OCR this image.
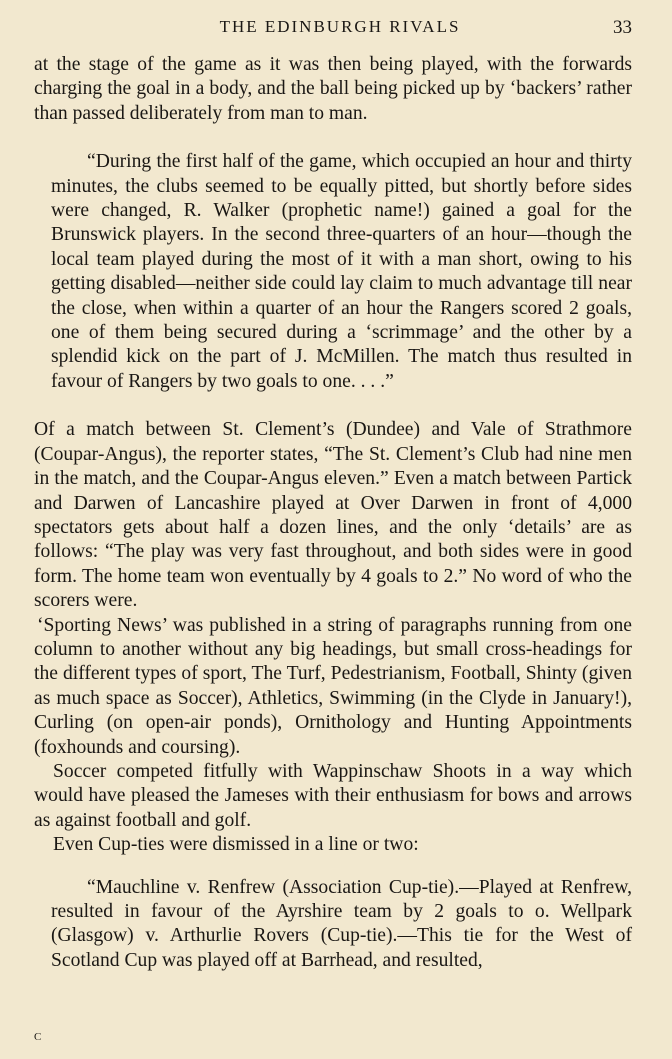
THE EDINBURGH RIVALS	33

at the stage of the game as it was then being played, with the forwards charging the goal in a body, and the ball being picked up by ‘backers’ rather than passed deliberately from man to man.

“During the first half of the game, which occupied an hour and thirty minutes, the clubs seemed to be equally pitted, but shortly before sides were changed, R. Walker (prophetic name!) gained a goal for the Brunswick players. In the second three-quarters of an hour—though the local team played during the most of it with a man short, owing to his getting disabled—neither side could lay claim to much advantage till near the close, when within a quarter of an hour the Rangers scored 2 goals, one of them being secured during a ‘scrimmage’ and the other by a splendid kick on the part of J. McMillen. The match thus resulted in favour of Rangers by two goals to one. . . .”

Of a match between St. Clement’s (Dundee) and Vale of Strathmore (Coupar-Angus), the reporter states, “The St. Clement’s Club had nine men in the match, and the Coupar-Angus eleven.” Even a match between Partick and Darwen of Lancashire played at Over Darwen in front of 4,000 spectators gets about half a dozen lines, and the only ‘details’ are as follows: “The play was very fast throughout, and both sides were in good form. The home team won eventually by 4 goals to 2.” No word of who the scorers were.

‘Sporting News’ was published in a string of paragraphs running from one column to another without any big headings, but small cross-headings for the different types of sport, The Turf, Pedestrianism, Football, Shinty (given as much space as Soccer), Athletics, Swimming (in the Clyde in January!), Curling (on open-air ponds), Ornithology and Hunting Appointments (foxhounds and coursing).

Soccer competed fitfully with Wappinschaw Shoots in a way which would have pleased the Jameses with their enthusiasm for bows and arrows as against football and golf.

Even Cup-ties were dismissed in a line or two:

“Mauchline v. Renfrew (Association Cup-tie).—Played at Renfrew, resulted in favour of the Ayrshire team by 2 goals to o. Wellpark (Glasgow) v. Arthurlie Rovers (Cup-tie).—This tie for the West of Scotland Cup was played off at Barrhead, and resulted,

c
